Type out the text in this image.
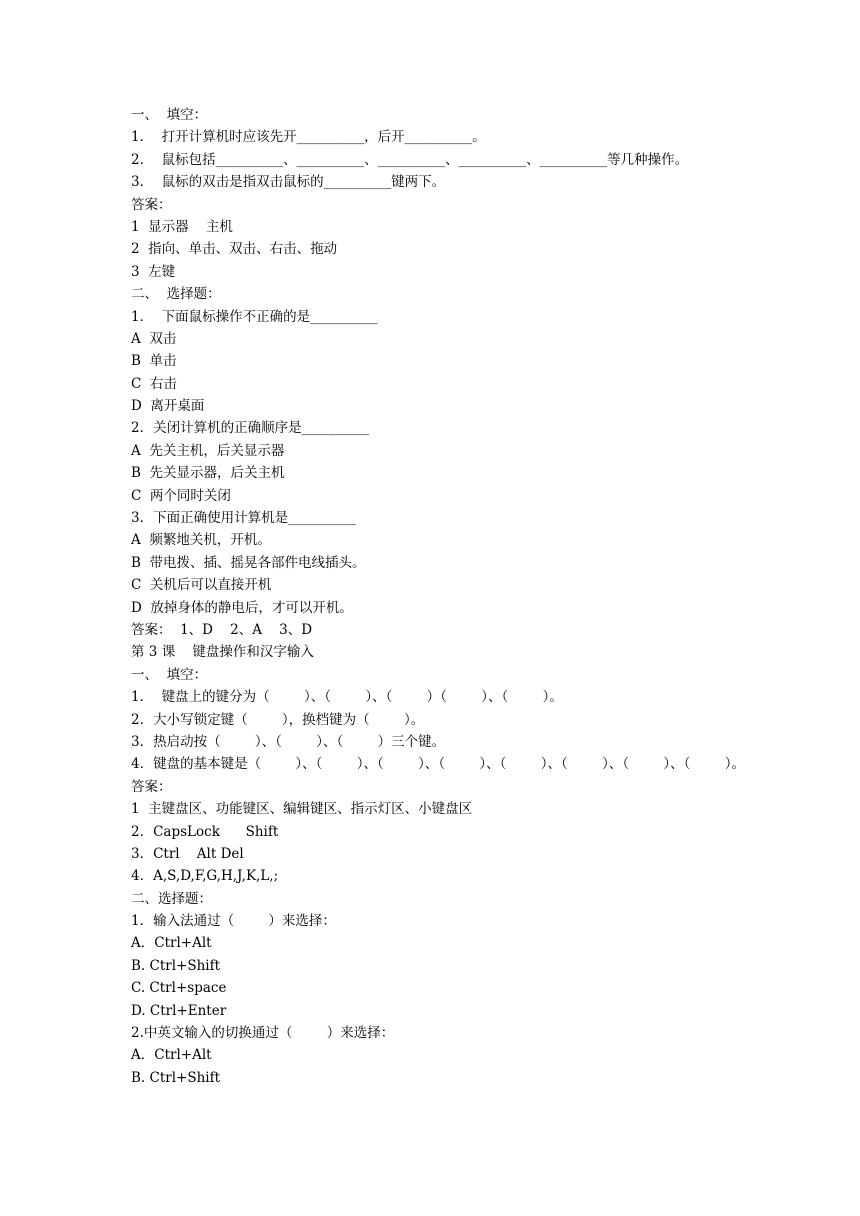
一、  填空：
1．  打开计算机时应该先开__________，后开__________。
2．  鼠标包括__________、__________、__________、__________、__________等几种操作。
3．  鼠标的双击是指双击鼠标的__________键两下。
答案：
1  显示器    主机
2  指向、单击、双击、右击、拖动
3  左键
二、  选择题：
1．  下面鼠标操作不正确的是__________
A  双击
B  单击
C  右击
D  离开桌面
2．关闭计算机的正确顺序是__________
A  先关主机，后关显示器
B  先关显示器，后关主机
C  两个同时关闭
3．下面正确使用计算机是__________
A  频繁地关机，开机。
B  带电拨、插、摇晃各部件电线插头。
C  关机后可以直接开机
D  放掉身体的静电后，才可以开机。
答案：  1、D    2、A    3、D
第 3 课    键盘操作和汉字输入
一、  填空：
1．  键盘上的键分为（        ）、（        ）、（        ）（        ）、（        ）。
2．大小写锁定键（        ），换档键为（        ）。
3．热启动按（        ）、（        ）、（        ）三个键。
4．键盘的基本键是（        ）、（        ）、（        ）、（        ）、（        ）、（        ）、（        ）、（        ）。
答案：
1  主键盘区、功能键区、编辑键区、指示灯区、小键盘区
2．CapsLock      Shift
3．Ctrl    Alt Del
4．A,S,D,F,G,H,J,K,L,;
二、选择题：
1．输入法通过（        ）来选择：
A．Ctrl+Alt
B. Ctrl+Shift
C. Ctrl+space
D. Ctrl+Enter
2.中英文输入的切换通过（        ）来选择：
A．Ctrl+Alt
B. Ctrl+Shift
